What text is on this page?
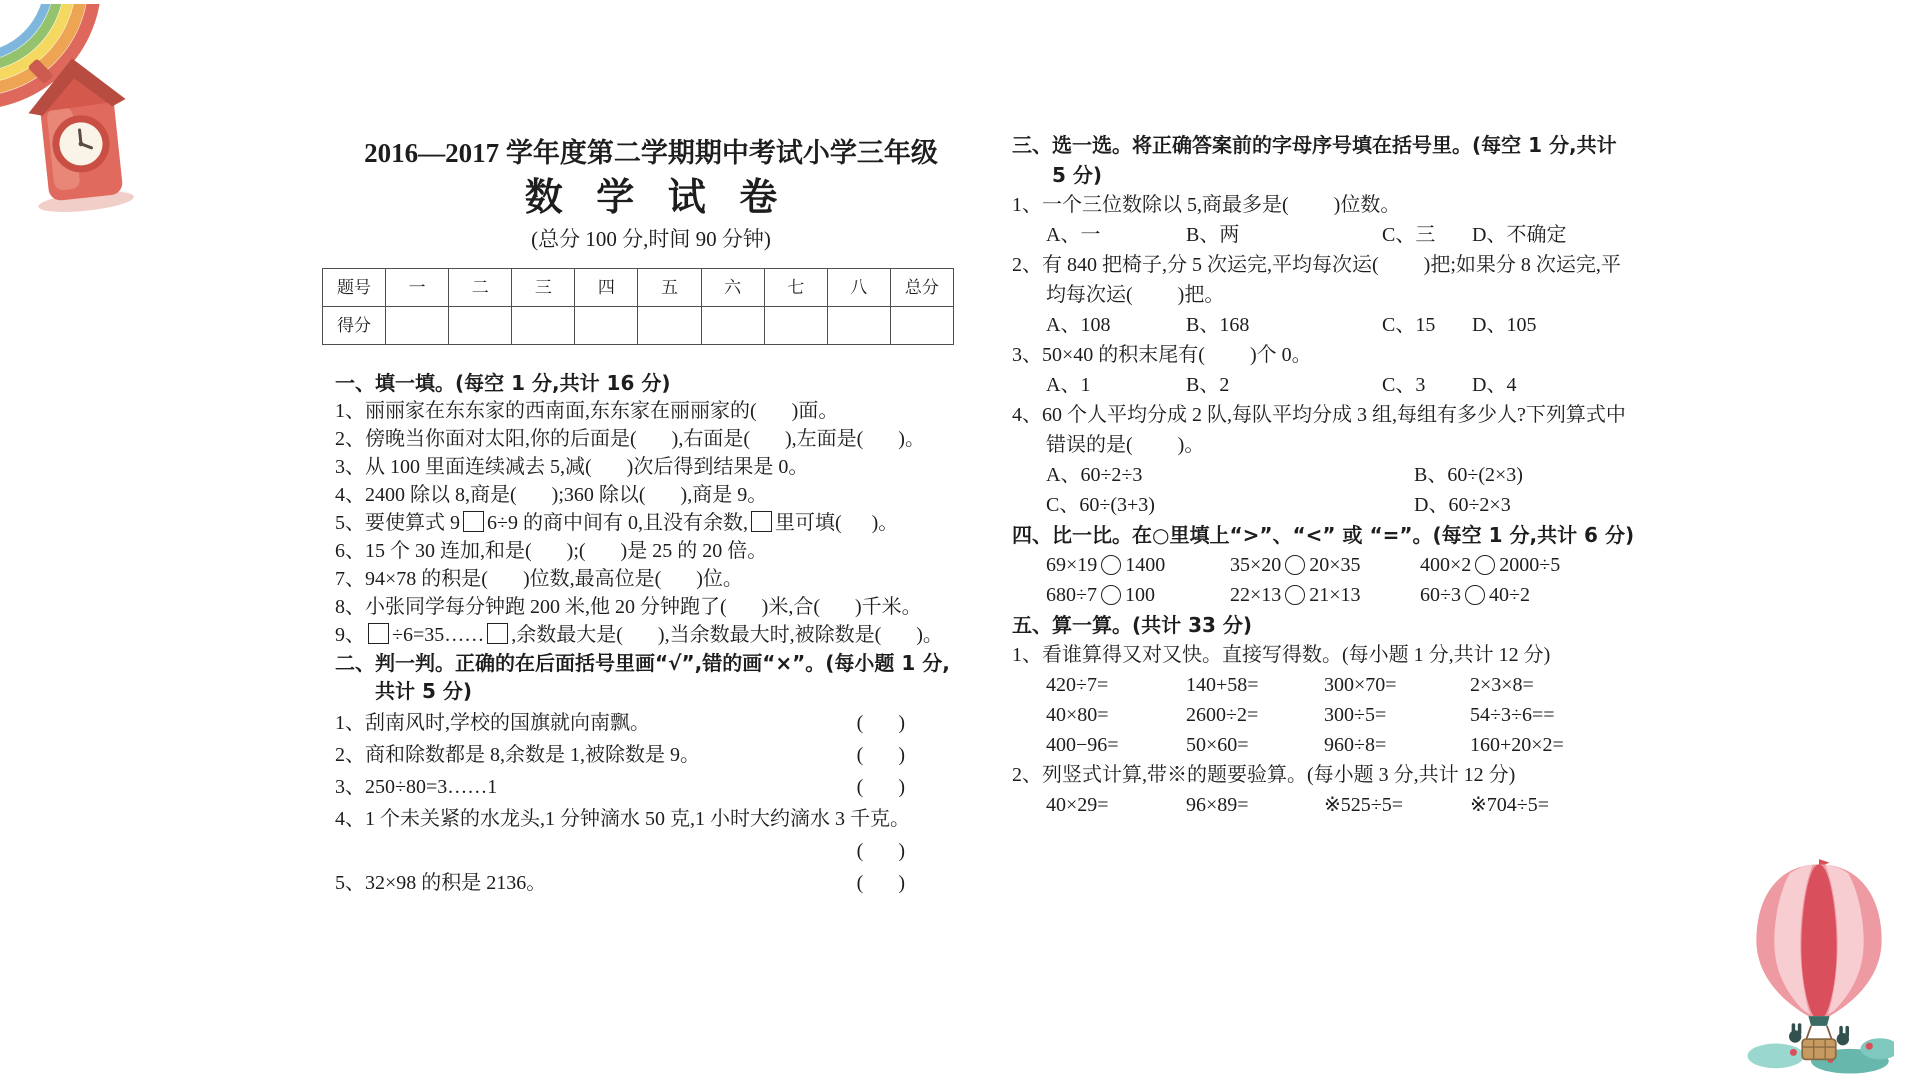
2016—2017 学年度第二学期期中考试小学三年级
数 学 试 卷
(总分 100 分,时间 90 分钟)
题号	一	二	三	四	五	六	七	八	总分
得分									
一、填一填。(每空 1 分,共计 16 分)
1、丽丽家在东东家的西南面,东东家在丽丽家的(       )面。
2、傍晚当你面对太阳,你的后面是(       ),右面是(       ),左面是(       )。
3、从 100 里面连续减去 5,减(       )次后得到结果是 0。
4、2400 除以 8,商是(       );360 除以(       ),商是 9。
5、要使算式 9 6÷9 的商中间有 0,且没有余数, 里可填(      )。
6、15 个 30 连加,和是(       );(       )是 25 的 20 倍。
7、94×78 的积是(       )位数,最高位是(       )位。
8、小张同学每分钟跑 200 米,他 20 分钟跑了(       )米,合(       )千米。
9、 ÷6=35…… ,余数最大是(       ),当余数最大时,被除数是(       )。
二、判一判。正确的在后面括号里画“√”,错的画“×”。(每小题 1 分,共计 5 分)
1、刮南风时,学校的国旗就向南飘。	(       )
2、商和除数都是 8,余数是 1,被除数是 9。	(       )
3、250÷80=3……1	(       )
4、1 个未关紧的水龙头,1 分钟滴水 50 克,1 小时大约滴水 3 千克。
(       )
5、32×98 的积是 2136。	(       )
三、选一选。将正确答案前的字母序号填在括号里。(每空 1 分,共计 5 分)
1、一个三位数除以 5,商最多是(         )位数。
A、一	B、两	C、三	D、不确定
2、有 840 把椅子,分 5 次运完,平均每次运(         )把;如果分 8 次运完,平均每次运(         )把。
A、108	B、168	C、15	D、105
3、50×40 的积末尾有(         )个 0。
A、1	B、2	C、3	D、4
4、60 个人平均分成 2 队,每队平均分成 3 组,每组有多少人?下列算式中错误的是(         )。
A、60÷2÷3	B、60÷(2×3)
C、60÷(3+3)	D、60÷2×3
四、比一比。在○里填上“>”、“<” 或 “=”。(每空 1 分,共计 6 分)
69×19 1400	35×20 20×35	400×2 2000÷5
680÷7 100	22×13 21×13	60÷3 40÷2
五、算一算。(共计 33 分)
1、看谁算得又对又快。直接写得数。(每小题 1 分,共计 12 分)
420÷7=	140+58=	300×70=	2×3×8=
40×80=	2600÷2=	300÷5=	54÷3÷6==
400−96=	50×60=	960÷8=	160+20×2=
2、列竖式计算,带※的题要验算。(每小题 3 分,共计 12 分)
40×29=	96×89=	※525÷5=	※704÷5=
